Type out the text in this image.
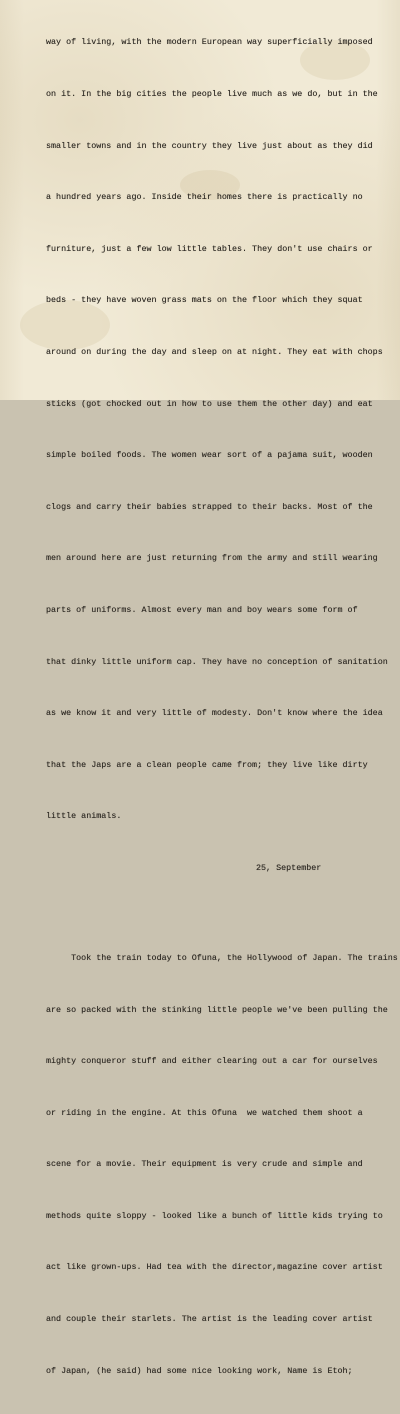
way of living, with the modern European way superficially imposed

on it. In the big cities the people live much as we do, but in the

smaller towns and in the country they live just about as they did

a hundred years ago. Inside their homes there is practically no

furniture, just a few low little tables. They don't use chairs or

beds - they have woven grass mats on the floor which they squat

around on during the day and sleep on at night. They eat with chops

sticks (got chocked out in how to use them the other day) and eat

simple boiled foods. The women wear sort of a pajama suit, wooden

clogs and carry their babies strapped to their backs. Most of the

men around here are just returning from the army and still wearing

parts of uniforms. Almost every man and boy wears some form of

that dinky little uniform cap. They have no conception of sanitation

as we know it and very little of modesty. Don't know where the idea

that the Japs are a clean people came from; they live like dirty

little animals.

25, September

Took the train today to Ofuna, the Hollywood of Japan. The trains

are so packed with the stinking little people we've been pulling the

mighty conqueror stuff and either clearing out a car for ourselves

or riding in the engine. At this Ofuna  we watched them shoot a

scene for a movie. Their equipment is very crude and simple and

methods quite sloppy - looked like a bunch of little kids trying to

act like grown-ups. Had tea with the director,magazine cover artist

and couple their starlets. The artist is the leading cover artist

of Japan, (he said) had some nice looking work, Name is Etoh;
